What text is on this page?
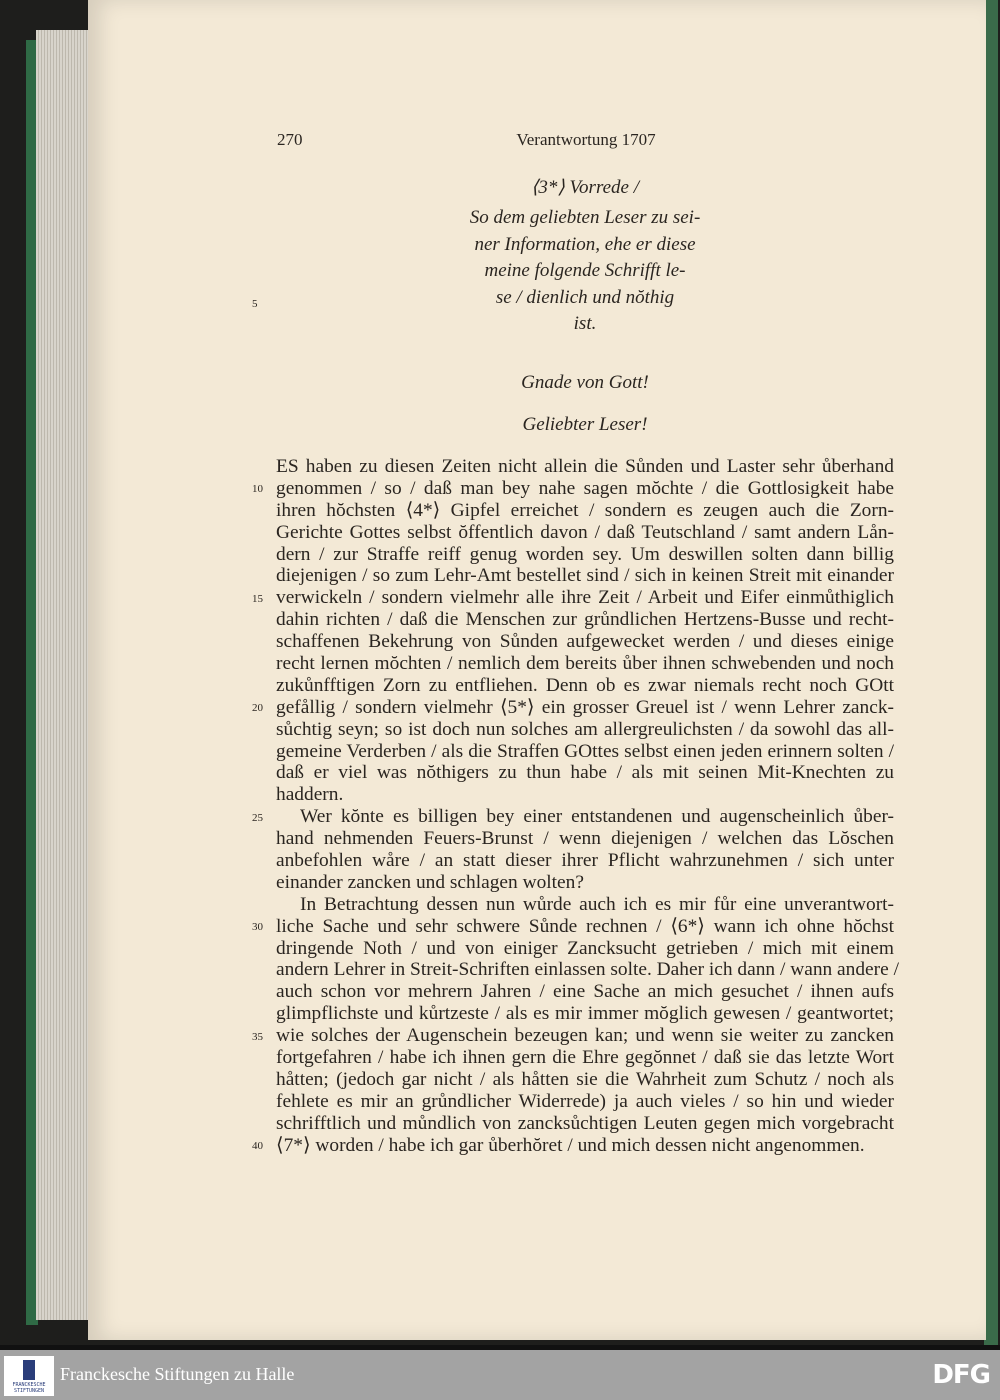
270	Verantwortung 1707
⟨3*⟩ Vorrede /
So dem geliebten Leser zu sei-
ner Information, ehe er diese
meine folgende Schrifft le-
se / dienlich und nŏthig
ist.
Gnade von Gott!
Geliebter Leser!
5
10
15
20
25
30
35
40
ES haben zu diesen Zeiten nicht allein die Sůnden und Laster sehr ůberhand
genommen / so / daß man bey nahe sagen mŏchte / die Gottlosigkeit habe
ihren hŏchsten ⟨4*⟩ Gipfel erreichet / sondern es zeugen auch die Zorn-
Gerichte Gottes selbst ŏffentlich davon / daß Teutschland / samt andern Lån-
dern / zur Straffe reiff genug worden sey. Um deswillen solten dann billig
diejenigen / so zum Lehr-Amt bestellet sind / sich in keinen Streit mit einander
verwickeln / sondern vielmehr alle ihre Zeit / Arbeit und Eifer einmůthiglich
dahin richten / daß die Menschen zur grůndlichen Hertzens-Busse und recht-
schaffenen Bekehrung von Sůnden aufgewecket werden / und dieses einige
recht lernen mŏchten / nemlich dem bereits ůber ihnen schwebenden und noch
zukůnfftigen Zorn zu entfliehen. Denn ob es zwar niemals recht noch GOtt
gefållig / sondern vielmehr ⟨5*⟩ ein grosser Greuel ist / wenn Lehrer zanck-
sůchtig seyn; so ist doch nun solches am allergreulichsten / da sowohl das all-
gemeine Verderben / als die Straffen GOttes selbst einen jeden erinnern solten /
daß er viel was nŏthigers zu thun habe / als mit seinen Mit-Knechten zu
haddern.
Wer kŏnte es billigen bey einer entstandenen und augenscheinlich ůber-
hand nehmenden Feuers-Brunst / wenn diejenigen / welchen das Lŏschen
anbefohlen wåre / an statt dieser ihrer Pflicht wahrzunehmen / sich unter
einander zancken und schlagen wolten?
In Betrachtung dessen nun wůrde auch ich es mir fůr eine unverantwort-
liche Sache und sehr schwere Sůnde rechnen / ⟨6*⟩ wann ich ohne hŏchst
dringende Noth / und von einiger Zancksucht getrieben / mich mit einem
andern Lehrer in Streit-Schriften einlassen solte. Daher ich dann / wann andere /
auch schon vor mehrern Jahren / eine Sache an mich gesuchet / ihnen aufs
glimpflichste und kůrtzeste / als es mir immer mŏglich gewesen / geantwortet;
wie solches der Augenschein bezeugen kan; und wenn sie weiter zu zancken
fortgefahren / habe ich ihnen gern die Ehre gegŏnnet / daß sie das letzte Wort
håtten; (jedoch gar nicht / als håtten sie die Wahrheit zum Schutz / noch als
fehlete es mir an grůndlicher Widerrede) ja auch vieles / so hin und wieder
schrifftlich und můndlich von zancksůchtigen Leuten gegen mich vorgebracht
⟨7*⟩ worden / habe ich gar ůberhŏret / und mich dessen nicht angenommen.
FRANCKESCHE STIFTUNGEN
Franckesche Stiftungen zu Halle	DFG
